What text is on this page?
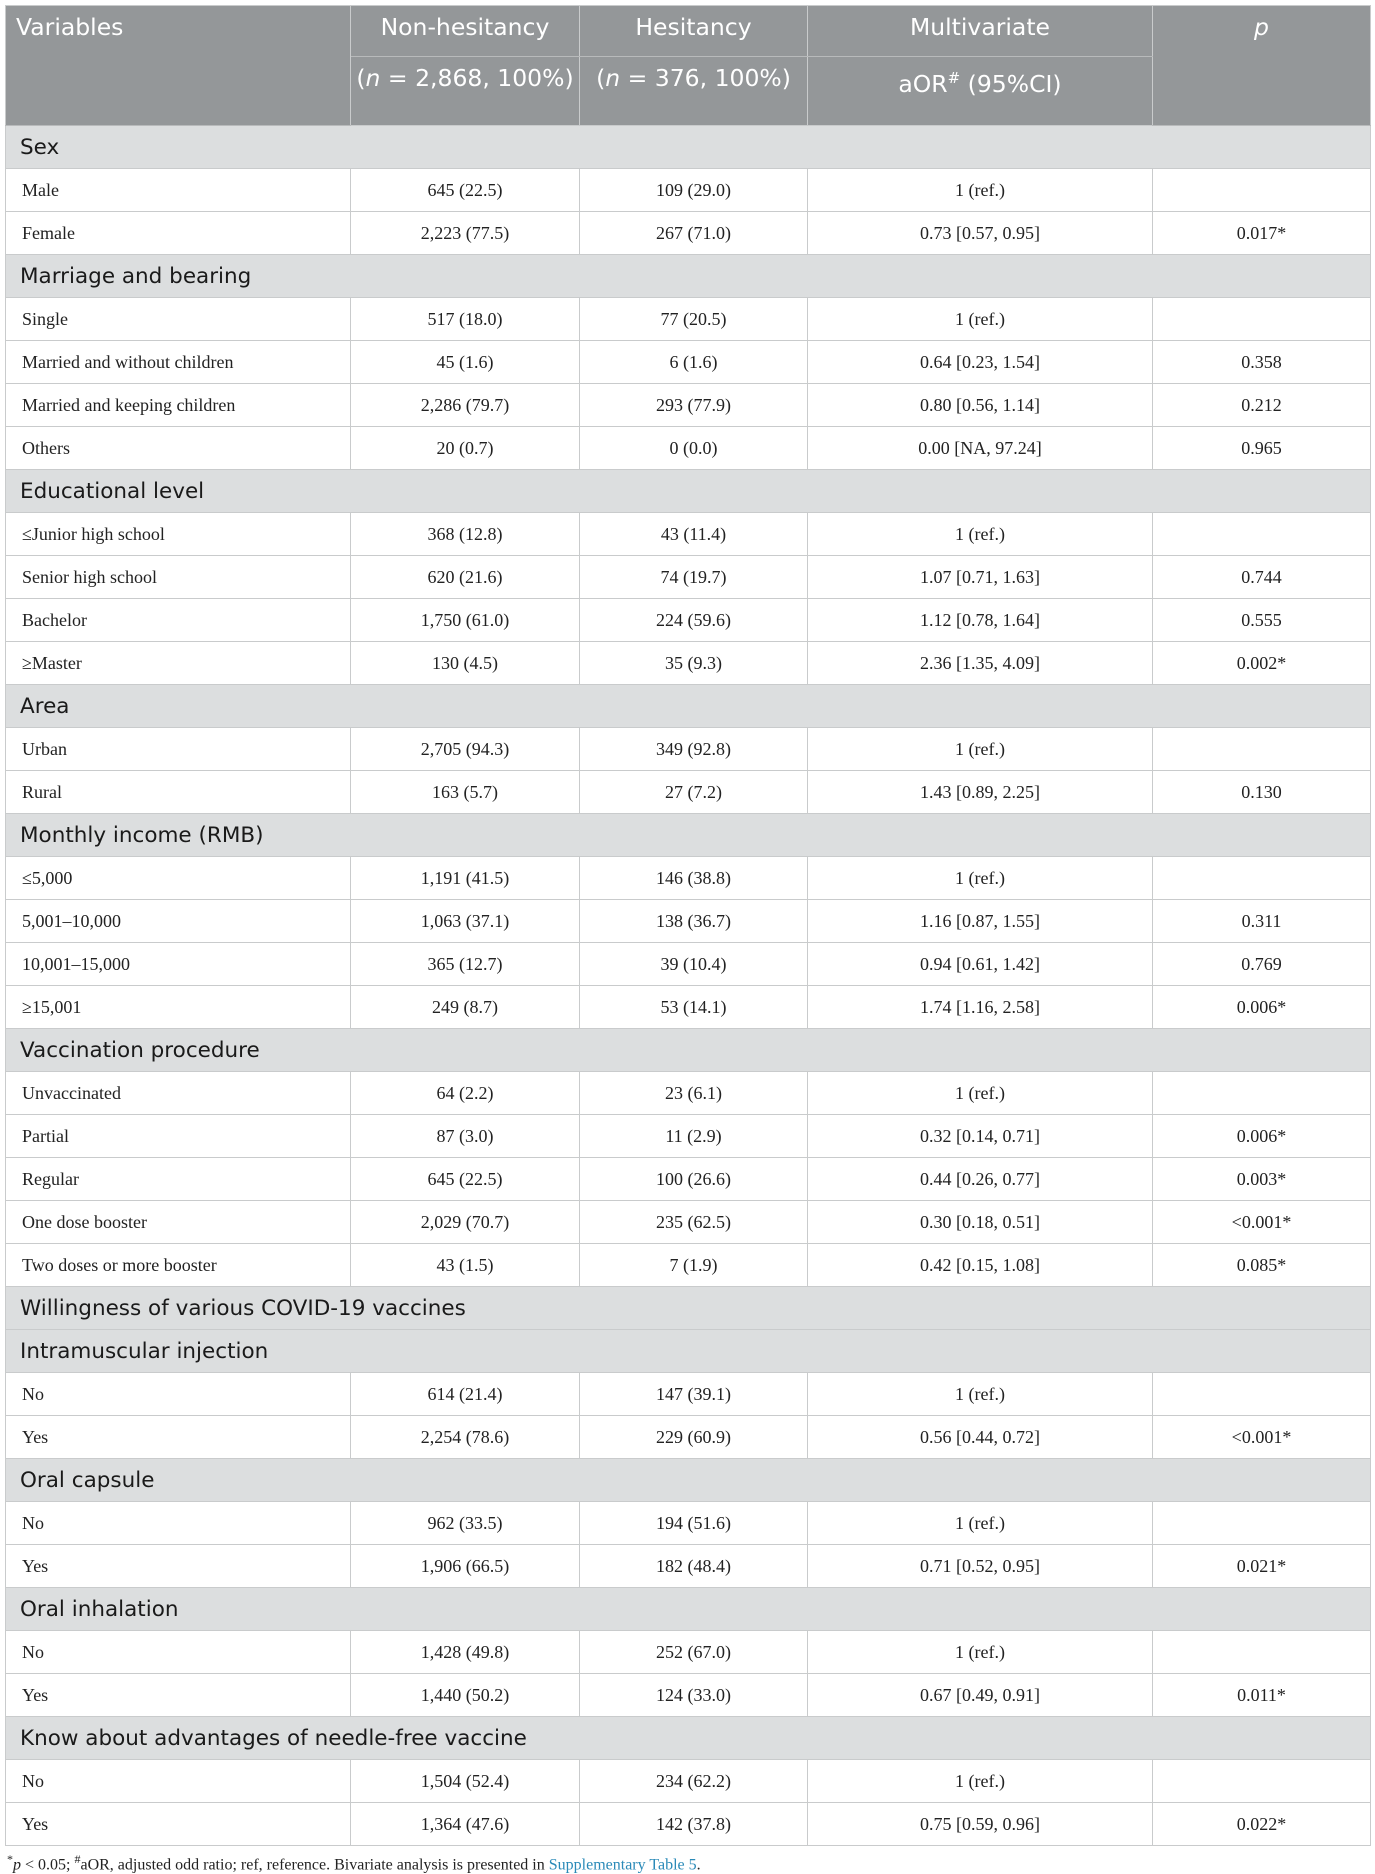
Variables	Non-hesitancy	Hesitancy	Multivariate	p
	(n = 2,868, 100%)	(n = 376, 100%)	aOR# (95%CI)	
Sex				
Male	645 (22.5)	109 (29.0)	1 (ref.)	
Female	2,223 (77.5)	267 (71.0)	0.73 [0.57, 0.95]	0.017*
Marriage and bearing				
Single	517 (18.0)	77 (20.5)	1 (ref.)	
Married and without children	45 (1.6)	6 (1.6)	0.64 [0.23, 1.54]	0.358
Married and keeping children	2,286 (79.7)	293 (77.9)	0.80 [0.56, 1.14]	0.212
Others	20 (0.7)	0 (0.0)	0.00 [NA, 97.24]	0.965
Educational level				
≤Junior high school	368 (12.8)	43 (11.4)	1 (ref.)	
Senior high school	620 (21.6)	74 (19.7)	1.07 [0.71, 1.63]	0.744
Bachelor	1,750 (61.0)	224 (59.6)	1.12 [0.78, 1.64]	0.555
≥Master	130 (4.5)	35 (9.3)	2.36 [1.35, 4.09]	0.002*
Area				
Urban	2,705 (94.3)	349 (92.8)	1 (ref.)	
Rural	163 (5.7)	27 (7.2)	1.43 [0.89, 2.25]	0.130
Monthly income (RMB)				
≤5,000	1,191 (41.5)	146 (38.8)	1 (ref.)	
5,001–10,000	1,063 (37.1)	138 (36.7)	1.16 [0.87, 1.55]	0.311
10,001–15,000	365 (12.7)	39 (10.4)	0.94 [0.61, 1.42]	0.769
≥15,001	249 (8.7)	53 (14.1)	1.74 [1.16, 2.58]	0.006*
Vaccination procedure				
Unvaccinated	64 (2.2)	23 (6.1)	1 (ref.)	
Partial	87 (3.0)	11 (2.9)	0.32 [0.14, 0.71]	0.006*
Regular	645 (22.5)	100 (26.6)	0.44 [0.26, 0.77]	0.003*
One dose booster	2,029 (70.7)	235 (62.5)	0.30 [0.18, 0.51]	<0.001*
Two doses or more booster	43 (1.5)	7 (1.9)	0.42 [0.15, 1.08]	0.085*
Willingness of various COVID-19 vaccines				
Intramuscular injection				
No	614 (21.4)	147 (39.1)	1 (ref.)	
Yes	2,254 (78.6)	229 (60.9)	0.56 [0.44, 0.72]	<0.001*
Oral capsule				
No	962 (33.5)	194 (51.6)	1 (ref.)	
Yes	1,906 (66.5)	182 (48.4)	0.71 [0.52, 0.95]	0.021*
Oral inhalation				
No	1,428 (49.8)	252 (67.0)	1 (ref.)	
Yes	1,440 (50.2)	124 (33.0)	0.67 [0.49, 0.91]	0.011*
Know about advantages of needle-free vaccine				
No	1,504 (52.4)	234 (62.2)	1 (ref.)	
Yes	1,364 (47.6)	142 (37.8)	0.75 [0.59, 0.96]	0.022*
*p < 0.05; #aOR, adjusted odd ratio; ref, reference. Bivariate analysis is presented in Supplementary Table 5.
